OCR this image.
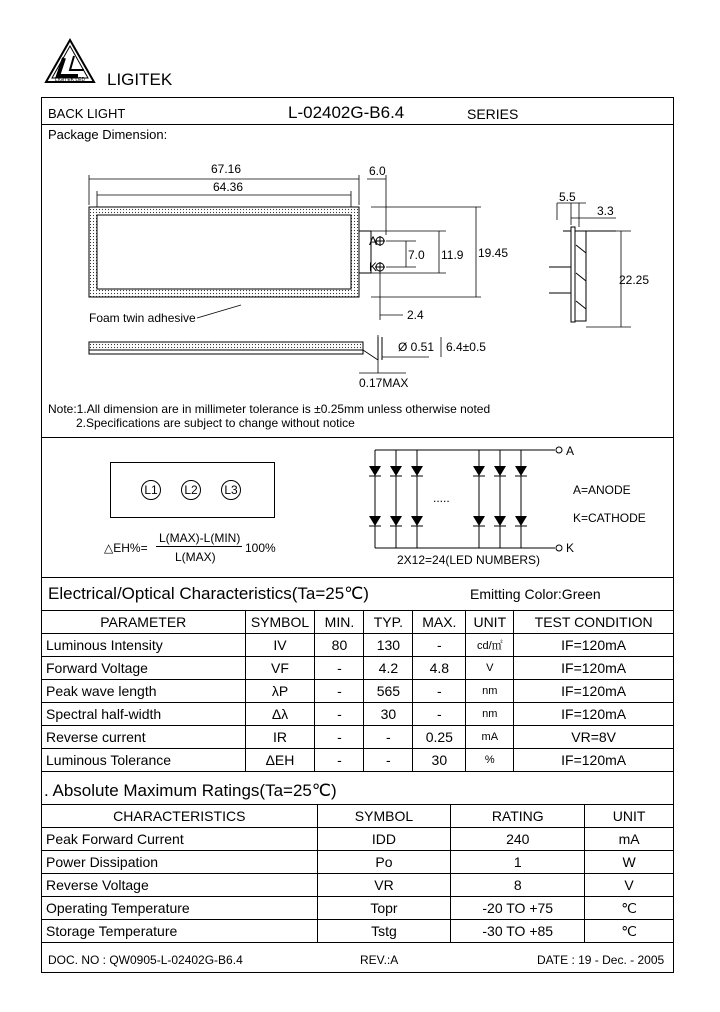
LIGITEK LED LIGITEK
BACK LIGHT	L-02402G-B6.4	SERIES
Package Dimension:
67.16
64.36
6.0
A
K
7.0 11.9 19.45
2.4
Foam twin adhesive
Ø 0.51 6.4±0.5
0.17MAX
5.5
3.3
22.25
Note:1.All dimension are in millimeter tolerance is ±0.25mm unless otherwise noted
2.Specifications are subject to change without notice
L1 L2 L3
△EH%=
L(MAX)-L(MIN)
L(MAX)
100%
A
K
.....
A=ANODE
K=CATHODE
2X12=24(LED NUMBERS)
Electrical/Optical Characteristics(Ta=25℃)	Emitting Color:Green
PARAMETER	SYMBOL	MIN.	TYP.	MAX.	UNIT	TEST CONDITION
Luminous Intensity	IV	80	130	-	cd/㎡	IF=120mA
Forward Voltage	VF	-	4.2	4.8	V	IF=120mA
Peak wave length	λP	-	565	-	nm	IF=120mA
Spectral half-width	Δλ	-	30	-	nm	IF=120mA
Reverse current	IR	-	-	0.25	mA	VR=8V
Luminous Tolerance	ΔEH	-	-	30	%	IF=120mA
. Absolute Maximum Ratings(Ta=25℃)
CHARACTERISTICS	SYMBOL	RATING	UNIT
Peak Forward Current	IDD	240	mA
Power Dissipation	Po	1	W
Reverse Voltage	VR	8	V
Operating Temperature	Topr	-20 TO +75	℃
Storage Temperature	Tstg	-30 TO +85	℃
DOC. NO : QW0905-L-02402G-B6.4	REV.:A	DATE : 19 - Dec. - 2005
